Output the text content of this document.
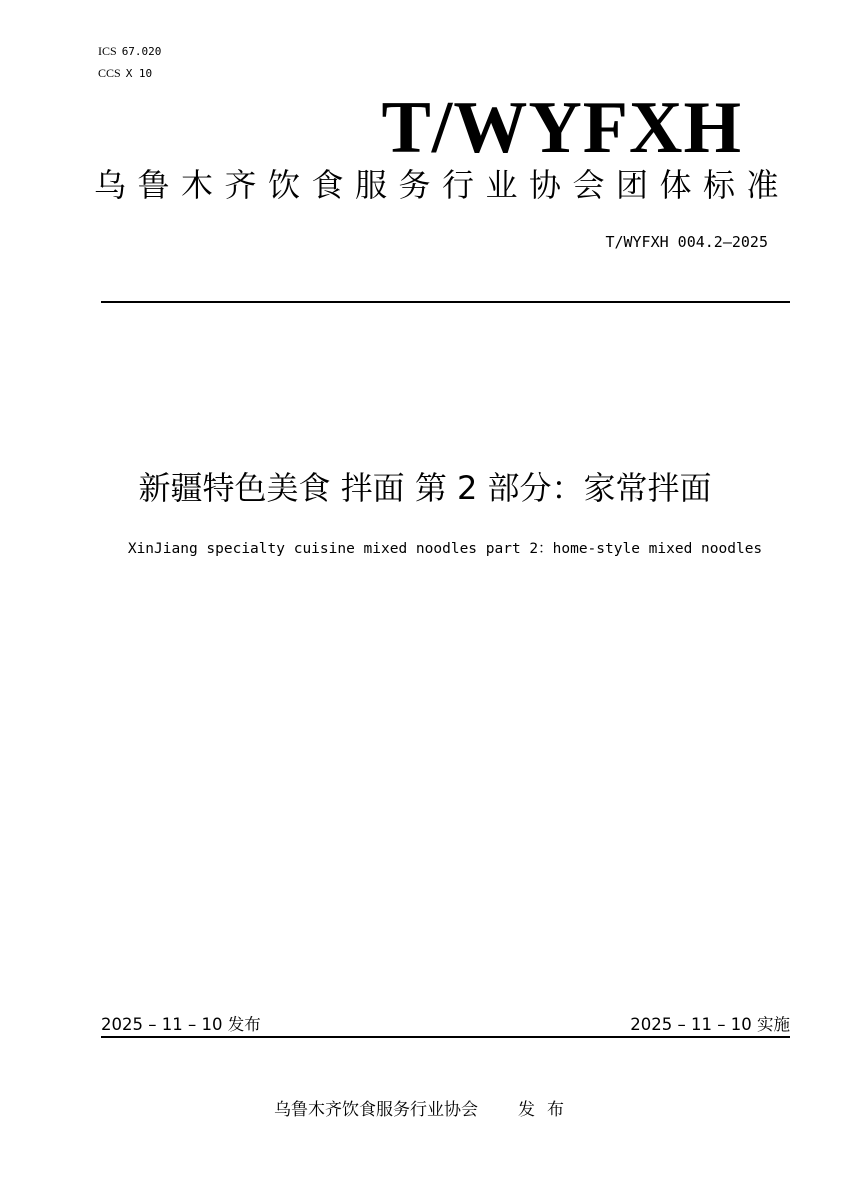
ICS 67.020
CCS X 10
T/WYFXH
乌鲁木齐饮食服务行业协会团体标准
T/WYFXH 004.2—2025
新疆特色美食 拌面 第 2 部分：家常拌面
XinJiang specialty cuisine mixed noodles part 2：home-style mixed noodles
2025 – 11 – 10 发布	2025 – 11 – 10 实施
乌鲁木齐饮食服务行业协会 发布
